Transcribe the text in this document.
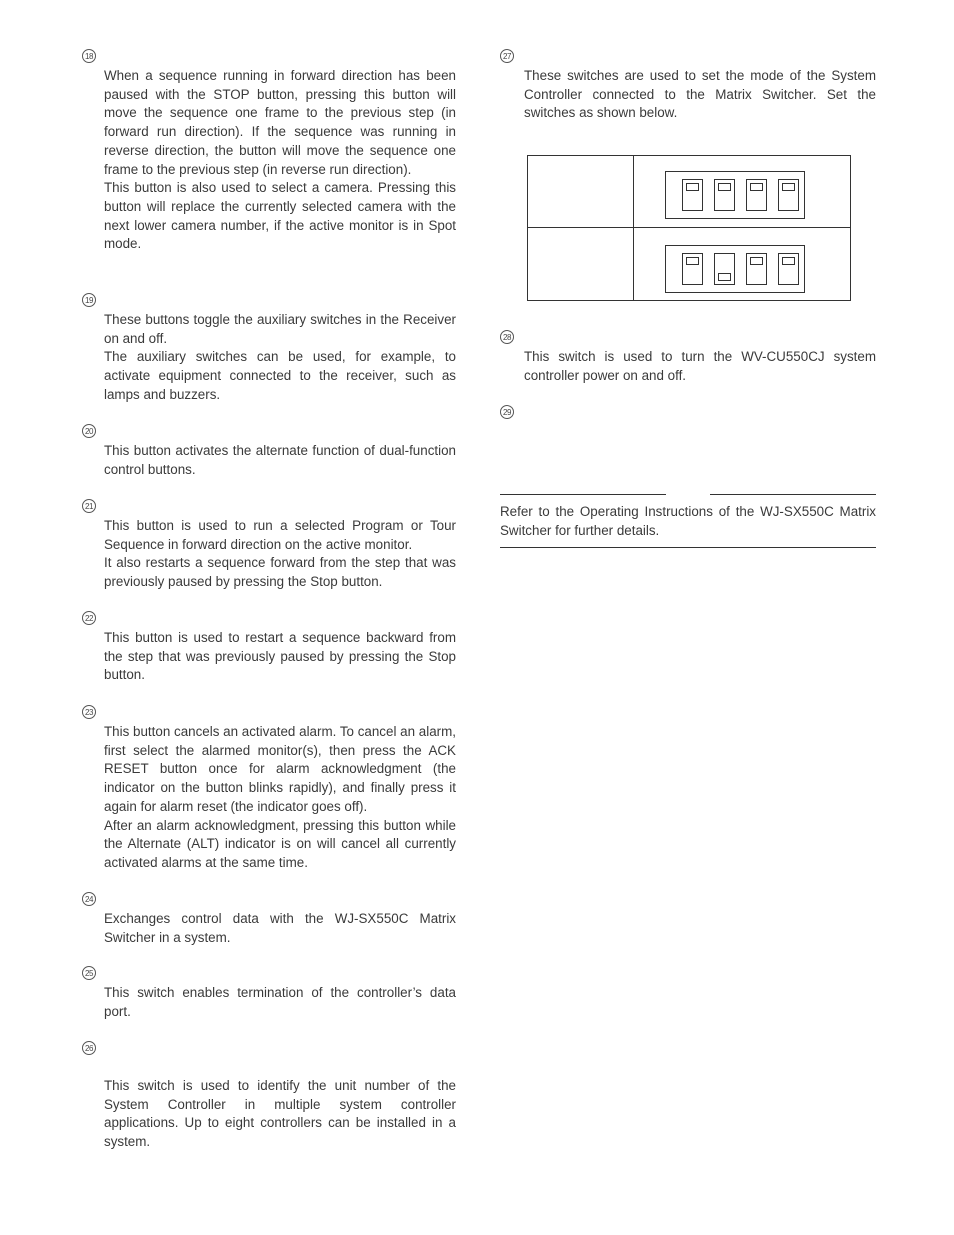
18

When a sequence running in forward direction has been paused with the STOP button, pressing this button will move the sequence one frame to the previous step (in forward run direction). If the sequence was running in reverse direction, the button will move the sequence one frame to the previous step (in reverse run direction).

This button is also used to select a camera. Pressing this button will replace the currently selected camera with the next lower camera number, if the active monitor is in Spot mode.

19

These buttons toggle the auxiliary switches in the Receiver on and off.

The auxiliary switches can be used, for example, to activate equipment connected to the receiver, such as lamps and buzzers.

20

This button activates the alternate function of dual-function control buttons.

21

This button is used to run a selected Program or Tour Sequence in forward direction on the active monitor.

It also restarts a sequence forward from the step that was previously paused by pressing the Stop button.

22

This button is used to restart a sequence backward from the step that was previously paused by pressing the Stop button.

23

This button cancels an activated alarm. To cancel an alarm, first select the alarmed monitor(s), then press the ACK RESET button once for alarm acknowledgment (the indicator on the button blinks rapidly), and finally press it again for alarm reset (the indicator goes off).

After an alarm acknowledgment, pressing this button while the Alternate (ALT) indicator is on will cancel all currently activated alarms at the same time.

24

Exchanges control data with the WJ-SX550C Matrix Switcher in a system.

25

This switch enables termination of the controller’s data port.

26

This switch is used to identify the unit number of the System Controller in multiple system controller applications. Up to eight controllers can be installed in a system.

27

These switches are used to set the mode of the System Controller connected to the Matrix Switcher. Set the switches as shown below.

28

This switch is used to turn the WV-CU550CJ system controller power on and off.

29

Refer to the Operating Instructions of the WJ-SX550C Matrix Switcher for further details.
